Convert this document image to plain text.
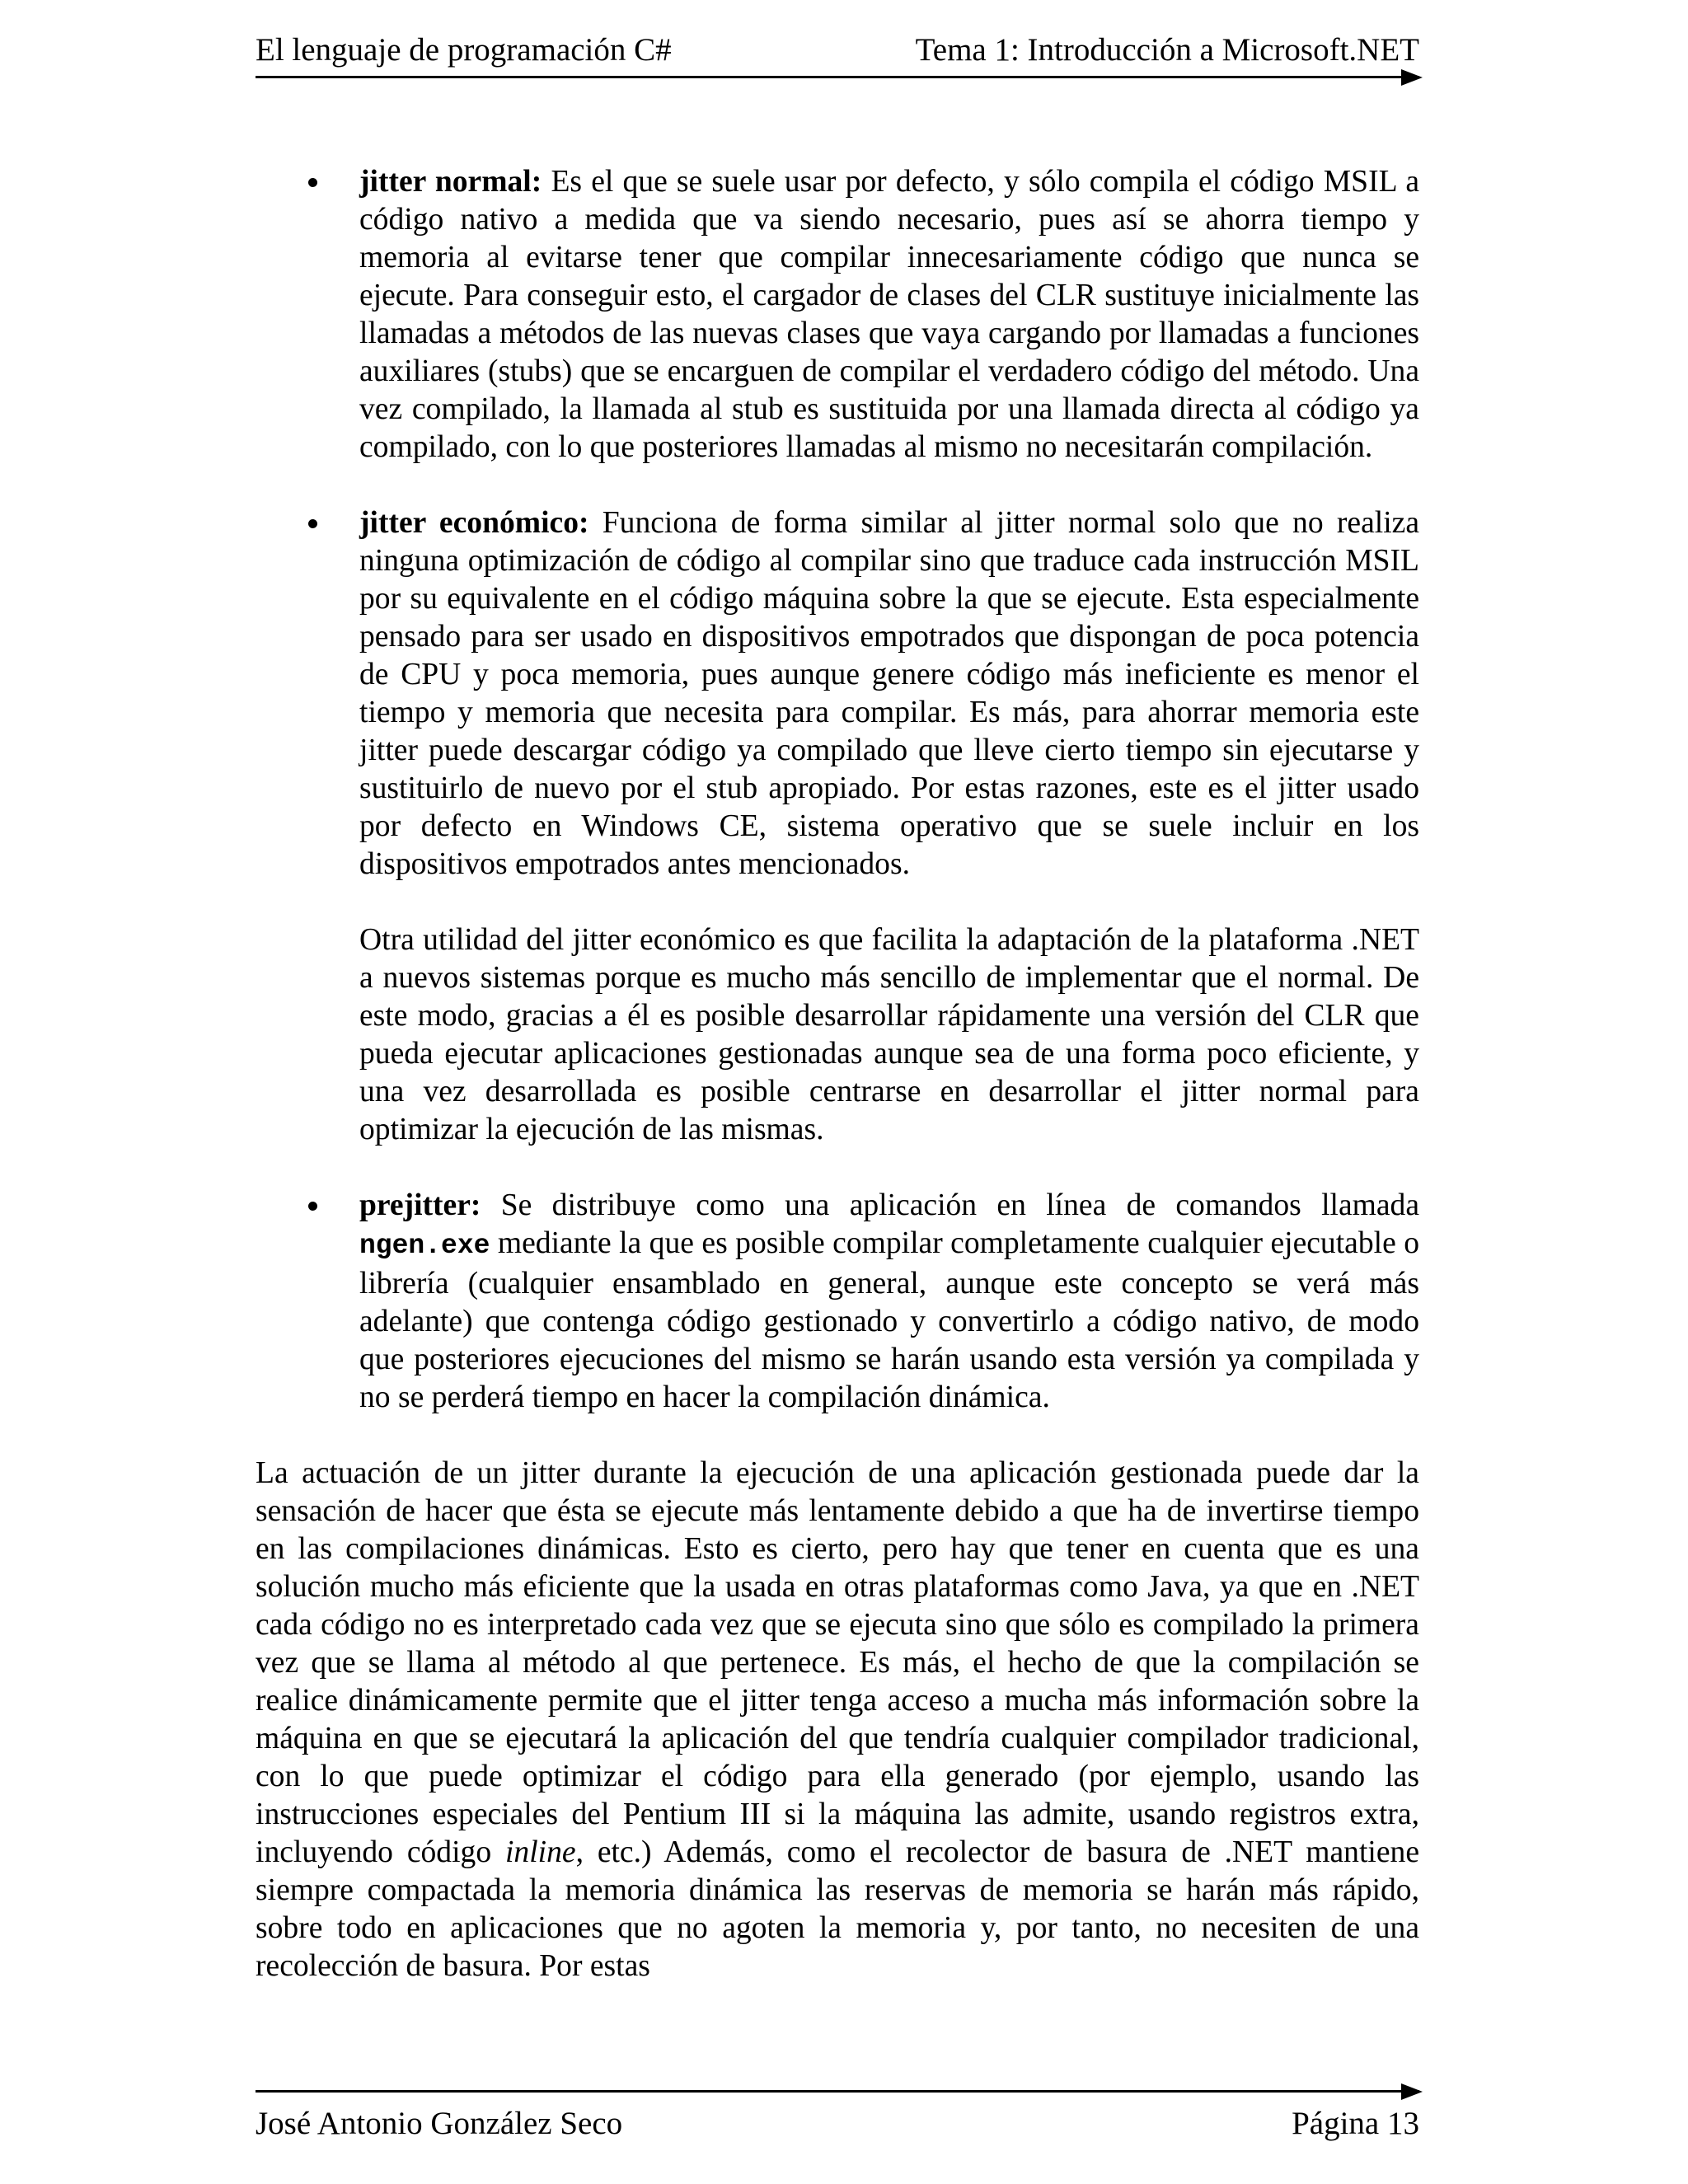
El lenguaje de programación C#	Tema 1: Introducción a Microsoft.NET

jitter normal: Es el que se suele usar por defecto, y sólo compila el código MSIL a código nativo a medida que va siendo necesario, pues así se ahorra tiempo y memoria al evitarse tener que compilar innecesariamente código que nunca se ejecute. Para conseguir esto, el cargador de clases del CLR sustituye inicialmente las llamadas a métodos de las nuevas clases que vaya cargando por llamadas a funciones auxiliares (stubs) que se encarguen de compilar el verdadero código del método. Una vez compilado, la llamada al stub es sustituida por una llamada directa al código ya compilado, con lo que posteriores llamadas al mismo no necesitarán compilación.

jitter económico: Funciona de forma similar al jitter normal solo que no realiza ninguna optimización de código al compilar sino que traduce cada instrucción MSIL por su equivalente en el código máquina sobre la que se ejecute. Esta especialmente pensado para ser usado en dispositivos empotrados que dispongan de poca potencia de CPU y poca memoria, pues aunque genere código más ineficiente es menor el tiempo y memoria que necesita para compilar. Es más, para ahorrar memoria este jitter puede descargar código ya compilado que lleve cierto tiempo sin ejecutarse y sustituirlo de nuevo por el stub apropiado. Por estas razones, este es el jitter usado por defecto en Windows CE, sistema operativo que se suele incluir en los dispositivos empotrados antes mencionados.

Otra utilidad del jitter económico es que facilita la adaptación de la plataforma .NET a nuevos sistemas porque es mucho más sencillo de implementar que el normal. De este modo, gracias a él es posible desarrollar rápidamente una versión del CLR que pueda ejecutar aplicaciones gestionadas aunque sea de una forma poco eficiente, y una vez desarrollada es posible centrarse en desarrollar el jitter normal para optimizar la ejecución de las mismas.

prejitter: Se distribuye como una aplicación en línea de comandos llamada ngen.exe mediante la que es posible compilar completamente cualquier ejecutable o librería (cualquier ensamblado en general, aunque este concepto se verá más adelante) que contenga código gestionado y convertirlo a código nativo, de modo que posteriores ejecuciones del mismo se harán usando esta versión ya compilada y no se perderá tiempo en hacer la compilación dinámica.

La actuación de un jitter durante la ejecución de una aplicación gestionada puede dar la sensación de hacer que ésta se ejecute más lentamente debido a que ha de invertirse tiempo en las compilaciones dinámicas. Esto es cierto, pero hay que tener en cuenta que es una solución mucho más eficiente que la usada en otras plataformas como Java, ya que en .NET cada código no es interpretado cada vez que se ejecuta sino que sólo es compilado la primera vez que se llama al método al que pertenece. Es más, el hecho de que la compilación se realice dinámicamente permite que el jitter tenga acceso a mucha más información sobre la máquina en que se ejecutará la aplicación del que tendría cualquier compilador tradicional, con lo que puede optimizar el código para ella generado (por ejemplo, usando las instrucciones especiales del Pentium III si la máquina las admite, usando registros extra, incluyendo código inline, etc.) Además, como el recolector de basura de .NET mantiene siempre compactada la memoria dinámica las reservas de memoria se harán más rápido, sobre todo en aplicaciones que no agoten la memoria y, por tanto, no necesiten de una recolección de basura. Por estas

José Antonio González Seco	Página 13
